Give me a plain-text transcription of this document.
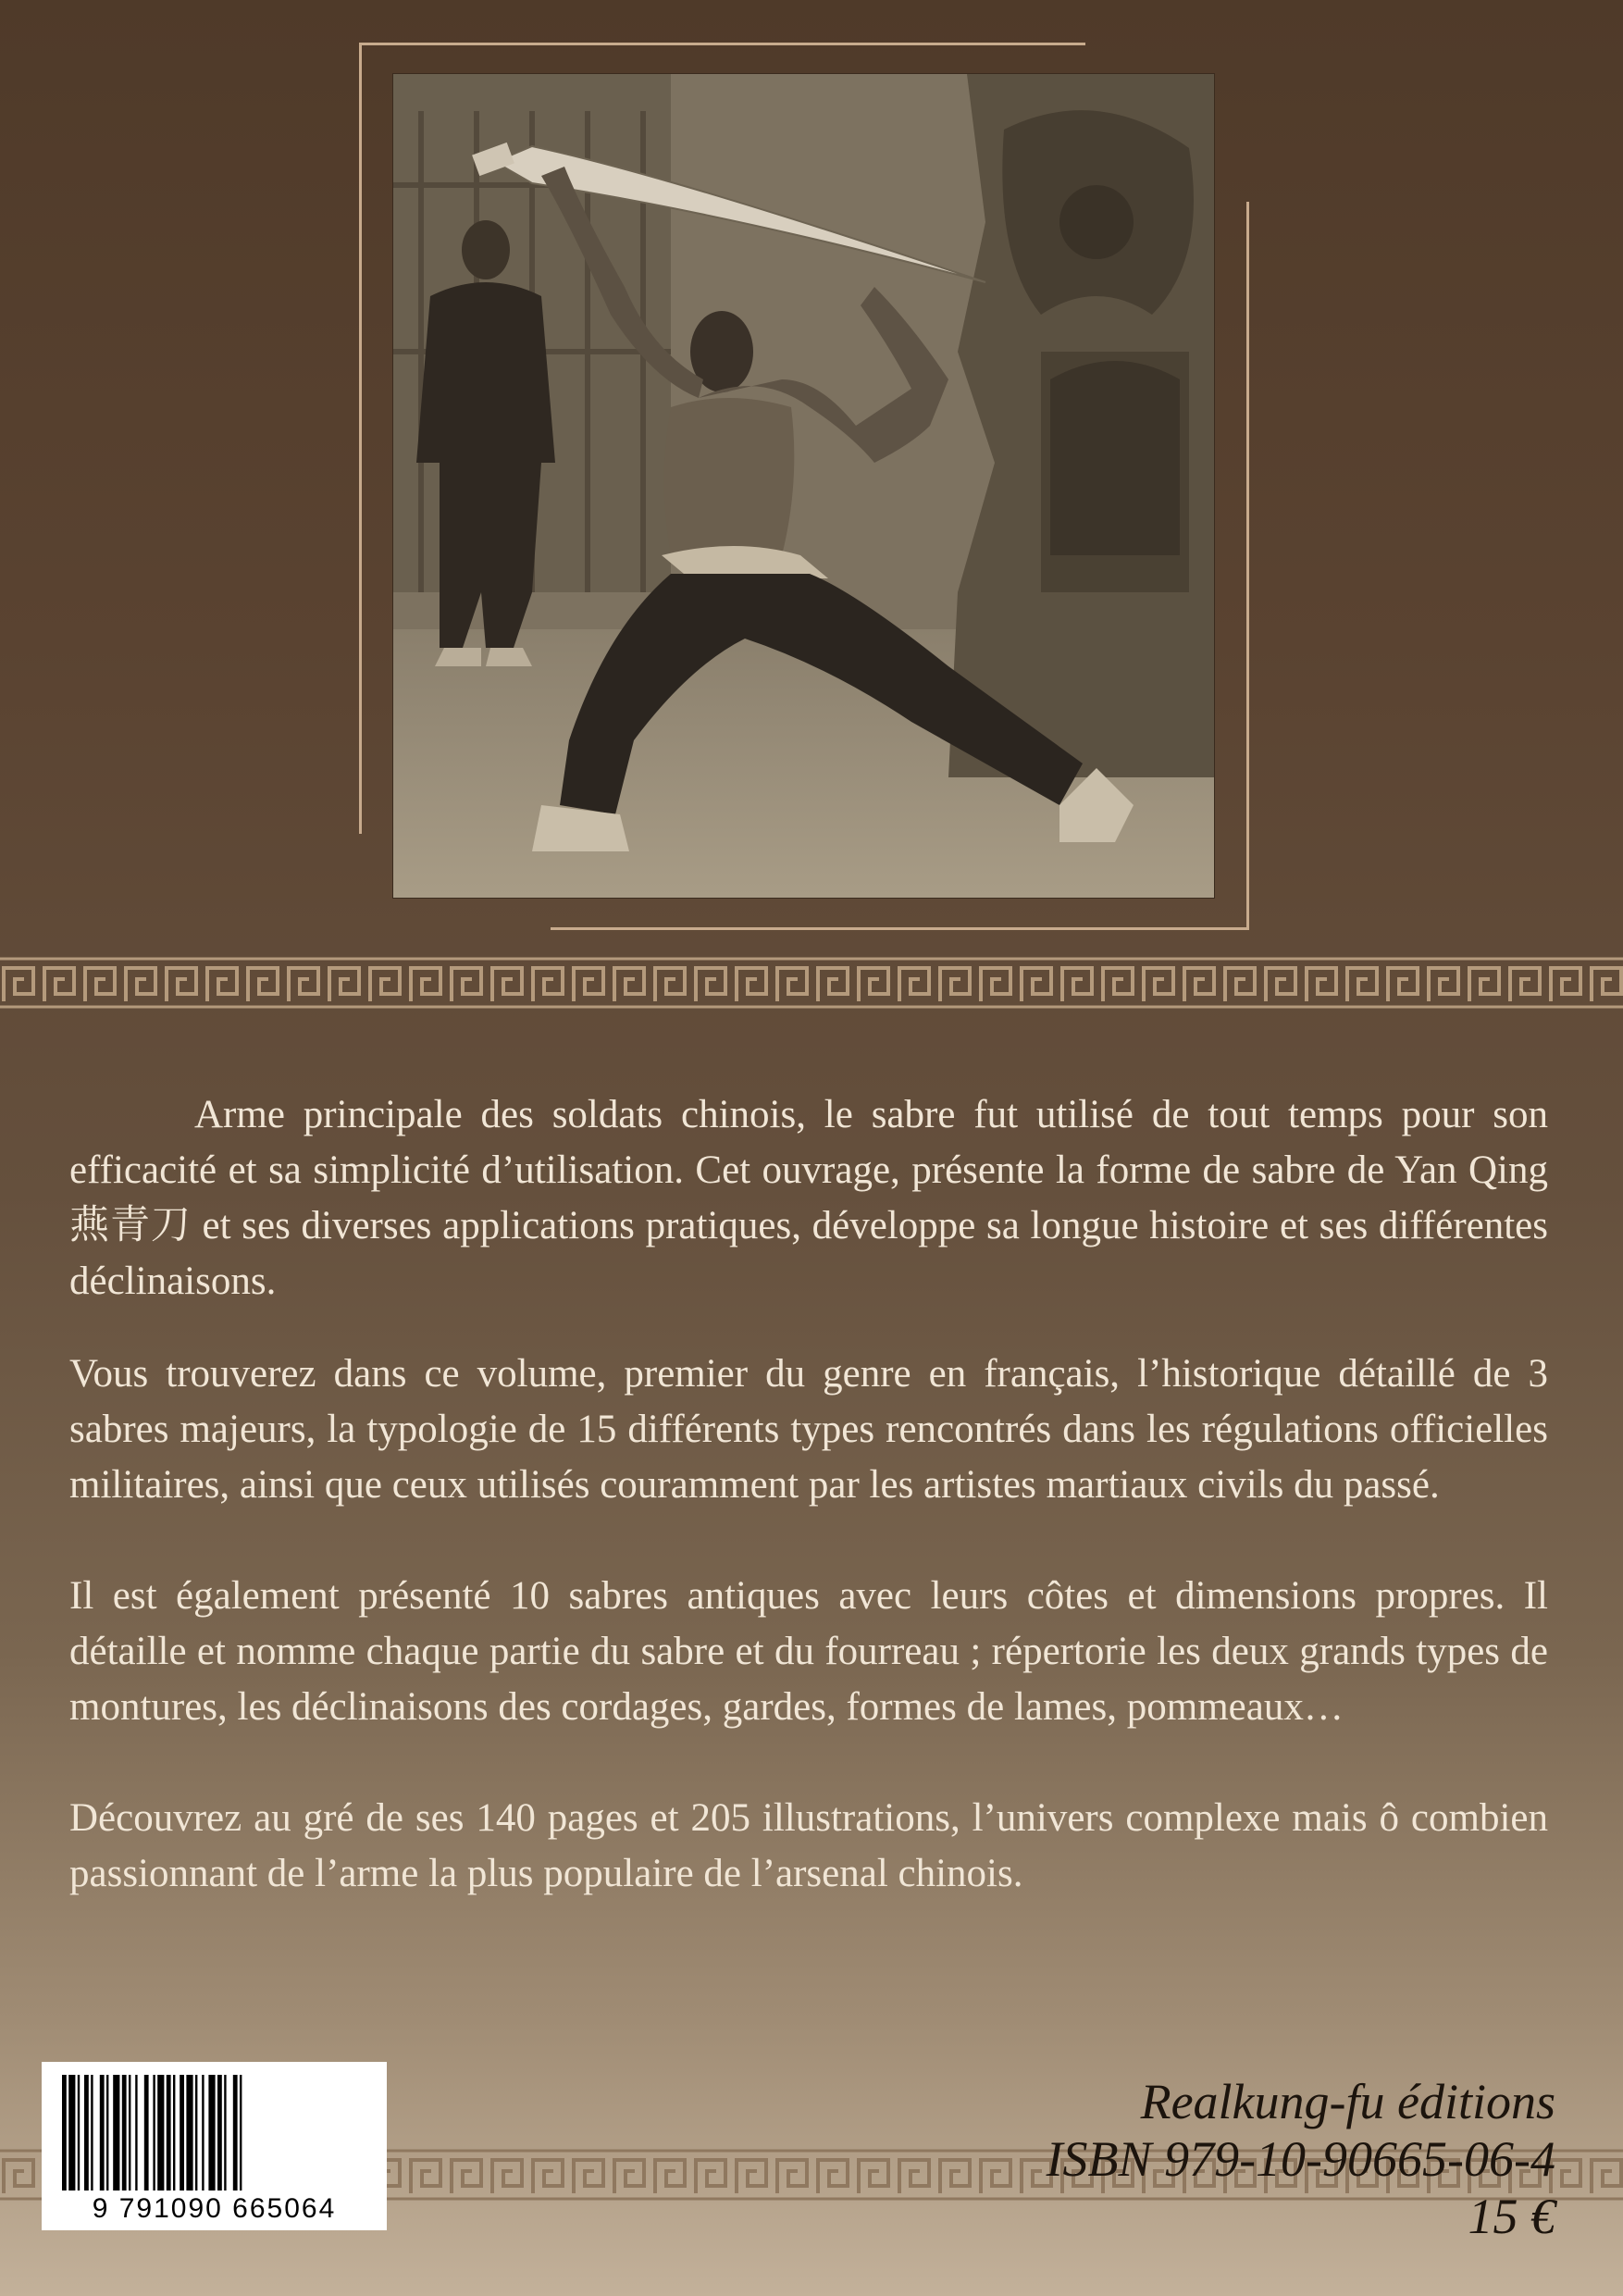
Arme principale des soldats chinois, le sabre fut utilisé de tout temps pour son efficacité et sa simplicité d’utilisation. Cet ouvrage, présente la forme de sabre de Yan Qing 燕青刀 et ses diverses applications pratiques, développe sa longue histoire et ses différentes déclinaisons.

Vous trouverez dans ce volume, premier du genre en français, l’historique détaillé de 3 sabres majeurs, la typologie de 15 différents types rencontrés dans les régulations officielles militaires, ainsi que ceux utilisés couramment par les artistes martiaux civils du passé.

Il est également présenté 10 sabres antiques avec leurs côtes et dimensions propres. Il détaille et nomme chaque partie du sabre et du fourreau ; répertorie les deux grands types de montures, les déclinaisons des cordages, gardes, formes de lames, pommeaux…

Découvrez au gré de ses 140 pages et 205 illustrations, l’univers complexe mais ô combien passionnant de l’arme la plus populaire de l’arsenal chinois.

9 791090 665064
Realkung-fu éditions
ISBN 979-10-90665-06-4
15 €
